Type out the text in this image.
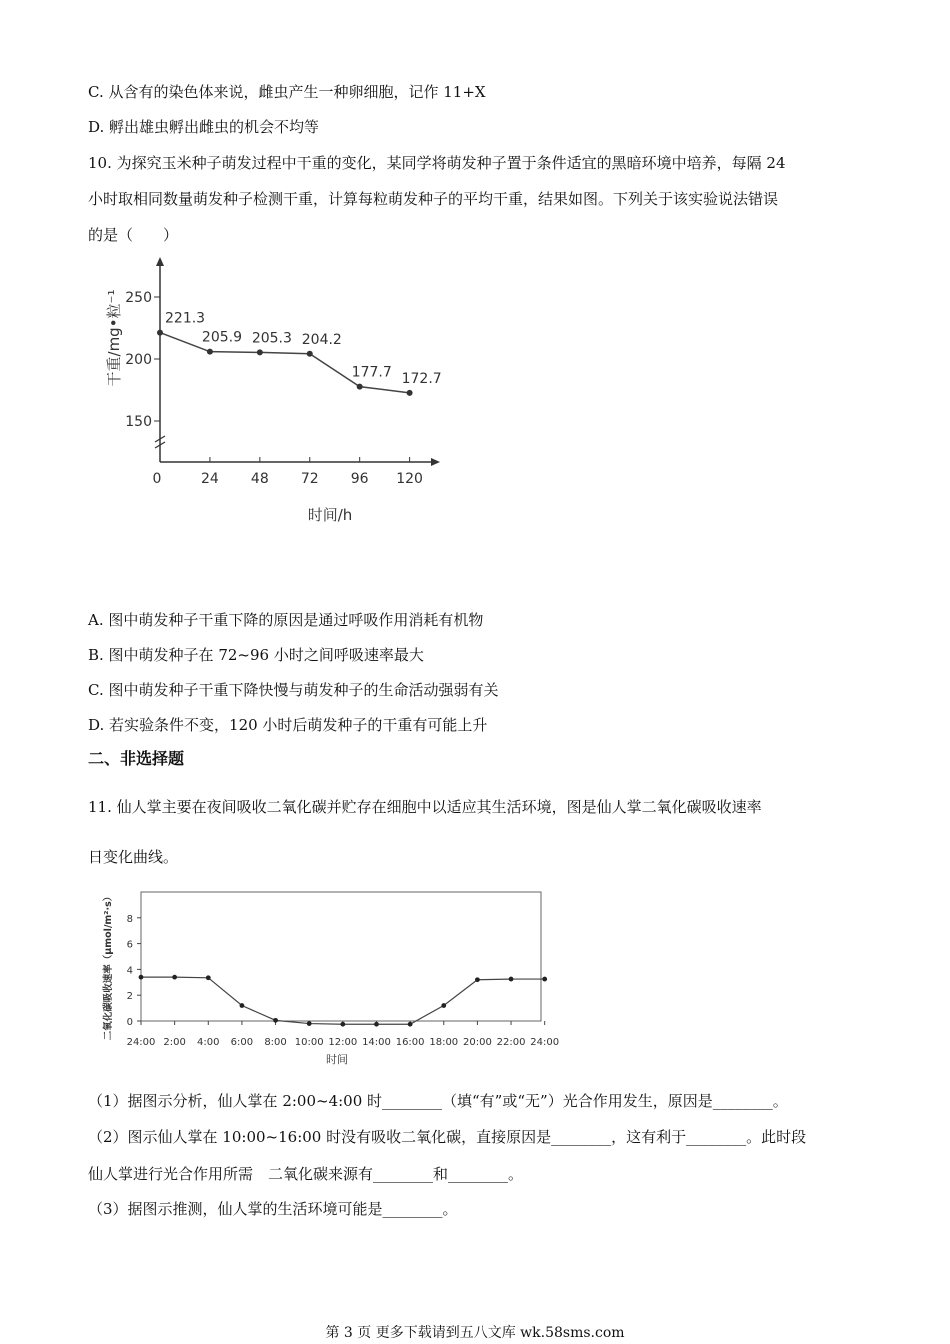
C. 从含有的染色体来说，雌虫产生一种卵细胞，记作 11+X
D. 孵出雄虫孵出雌虫的机会不均等
10. 为探究玉米种子萌发过程中干重的变化，某同学将萌发种子置于条件适宜的黑暗环境中培养，每隔 24
小时取相同数量萌发种子检测干重，计算每粒萌发种子的平均干重，结果如图。下列关于该实验说法错误
的是（　　）
150
200
250
0	24 48 72 96 120
时间/h
干重/mg•粒⁻¹	221.3
205.9 205.3 204.2
177.7 172.7
A. 图中萌发种子干重下降的原因是通过呼吸作用消耗有机物
B. 图中萌发种子在 72~96 小时之间呼吸速率最大
C. 图中萌发种子干重下降快慢与萌发种子的生命活动强弱有关
D. 若实验条件不变，120 小时后萌发种子的干重有可能上升
二、非选择题
11. 仙人掌主要在夜间吸收二氧化碳并贮存在细胞中以适应其生活环境，图是仙人掌二氧化碳吸收速率
日变化曲线。
0
2
4
6
8
24:00 2:00 4:00 6:00 8:00 10:00 12:00 14:00 16:00 18:00 20:00 22:00 24:00
时间
二氧化碳吸收速率（μmol/m²·s）
（1）据图示分析，仙人掌在 2:00~4:00 时________（填“有”或“无”）光合作用发生，原因是________。
（2）图示仙人掌在 10:00~16:00 时没有吸收二氧化碳，直接原因是________，这有利于________。此时段
仙人掌进行光合作用所需　二氧化碳来源有________和________。
（3）据图示推测，仙人掌的生活环境可能是________。
第 3 页 更多下载请到五八文库 wk.58sms.com
